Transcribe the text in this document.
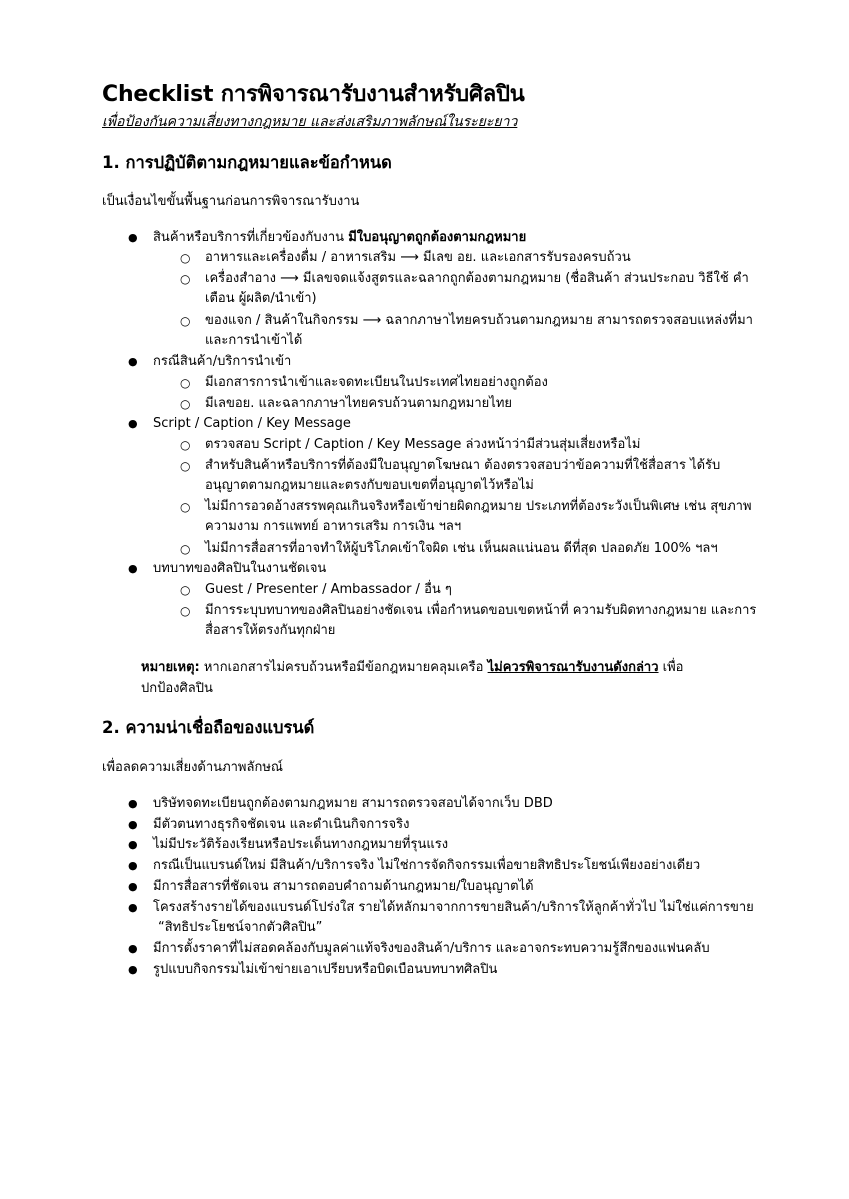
Checklist การพิจารณารับงานสำหรับศิลปิน

เพื่อป้องกันความเสี่ยงทางกฎหมาย และส่งเสริมภาพลักษณ์ในระยะยาว

1. การปฏิบัติตามกฎหมายและข้อกำหนด

เป็นเงื่อนไขขั้นพื้นฐานก่อนการพิจารณารับงาน

● สินค้าหรือบริการที่เกี่ยวข้องกับงาน มีใบอนุญาตถูกต้องตามกฎหมาย
○ อาหารและเครื่องดื่ม / อาหารเสริม ⟶ มีเลข อย. และเอกสารรับรองครบถ้วน
○ เครื่องสำอาง ⟶ มีเลขจดแจ้งสูตรและฉลากถูกต้องตามกฎหมาย (ชื่อสินค้า ส่วนประกอบ วิธีใช้ คำ
เตือน ผู้ผลิต/นำเข้า)
○ ของแจก / สินค้าในกิจกรรม ⟶ ฉลากภาษาไทยครบถ้วนตามกฎหมาย สามารถตรวจสอบแหล่งที่มา
และการนำเข้าได้
● กรณีสินค้า/บริการนำเข้า
○ มีเอกสารการนำเข้าและจดทะเบียนในประเทศไทยอย่างถูกต้อง
○ มีเลขอย. และฉลากภาษาไทยครบถ้วนตามกฎหมายไทย
● Script / Caption / Key Message
○ ตรวจสอบ Script / Caption / Key Message ล่วงหน้าว่ามีส่วนสุ่มเสี่ยงหรือไม่
○ สำหรับสินค้าหรือบริการที่ต้องมีใบอนุญาตโฆษณา ต้องตรวจสอบว่าข้อความที่ใช้สื่อสาร ได้รับ
อนุญาตตามกฎหมายและตรงกับขอบเขตที่อนุญาตไว้หรือไม่
○ ไม่มีการอวดอ้างสรรพคุณเกินจริงหรือเข้าข่ายผิดกฎหมาย ประเภทที่ต้องระวังเป็นพิเศษ เช่น สุขภาพ
ความงาม การแพทย์ อาหารเสริม การเงิน ฯลฯ
○ ไม่มีการสื่อสารที่อาจทำให้ผู้บริโภคเข้าใจผิด เช่น เห็นผลแน่นอน ดีที่สุด ปลอดภัย 100% ฯลฯ
● บทบาทของศิลปินในงานชัดเจน
○ Guest / Presenter / Ambassador / อื่น ๆ
○ มีการระบุบทบาทของศิลปินอย่างชัดเจน เพื่อกำหนดขอบเขตหน้าที่ ความรับผิดทางกฎหมาย และการ
สื่อสารให้ตรงกันทุกฝ่าย
หมายเหตุ: หากเอกสารไม่ครบถ้วนหรือมีข้อกฎหมายคลุมเครือ ไม่ควรพิจารณารับงานดังกล่าว เพื่อ
ปกป้องศิลปิน
2. ความน่าเชื่อถือของแบรนด์

เพื่อลดความเสี่ยงด้านภาพลักษณ์

● บริษัทจดทะเบียนถูกต้องตามกฎหมาย สามารถตรวจสอบได้จากเว็บ DBD
● มีตัวตนทางธุรกิจชัดเจน และดำเนินกิจการจริง
● ไม่มีประวัติร้องเรียนหรือประเด็นทางกฎหมายที่รุนแรง
● กรณีเป็นแบรนด์ใหม่ มีสินค้า/บริการจริง ไม่ใช่การจัดกิจกรรมเพื่อขายสิทธิประโยชน์เพียงอย่างเดียว
● มีการสื่อสารที่ชัดเจน สามารถตอบคำถามด้านกฎหมาย/ใบอนุญาตได้
● โครงสร้างรายได้ของแบรนด์โปร่งใส รายได้หลักมาจากการขายสินค้า/บริการให้ลูกค้าทั่วไป ไม่ใช่แค่การขาย
“สิทธิประโยชน์จากตัวศิลปิน”
● มีการตั้งราคาที่ไม่สอดคล้องกับมูลค่าแท้จริงของสินค้า/บริการ และอาจกระทบความรู้สึกของแฟนคลับ
● รูปแบบกิจกรรมไม่เข้าข่ายเอาเปรียบหรือบิดเบือนบทบาทศิลปิน
